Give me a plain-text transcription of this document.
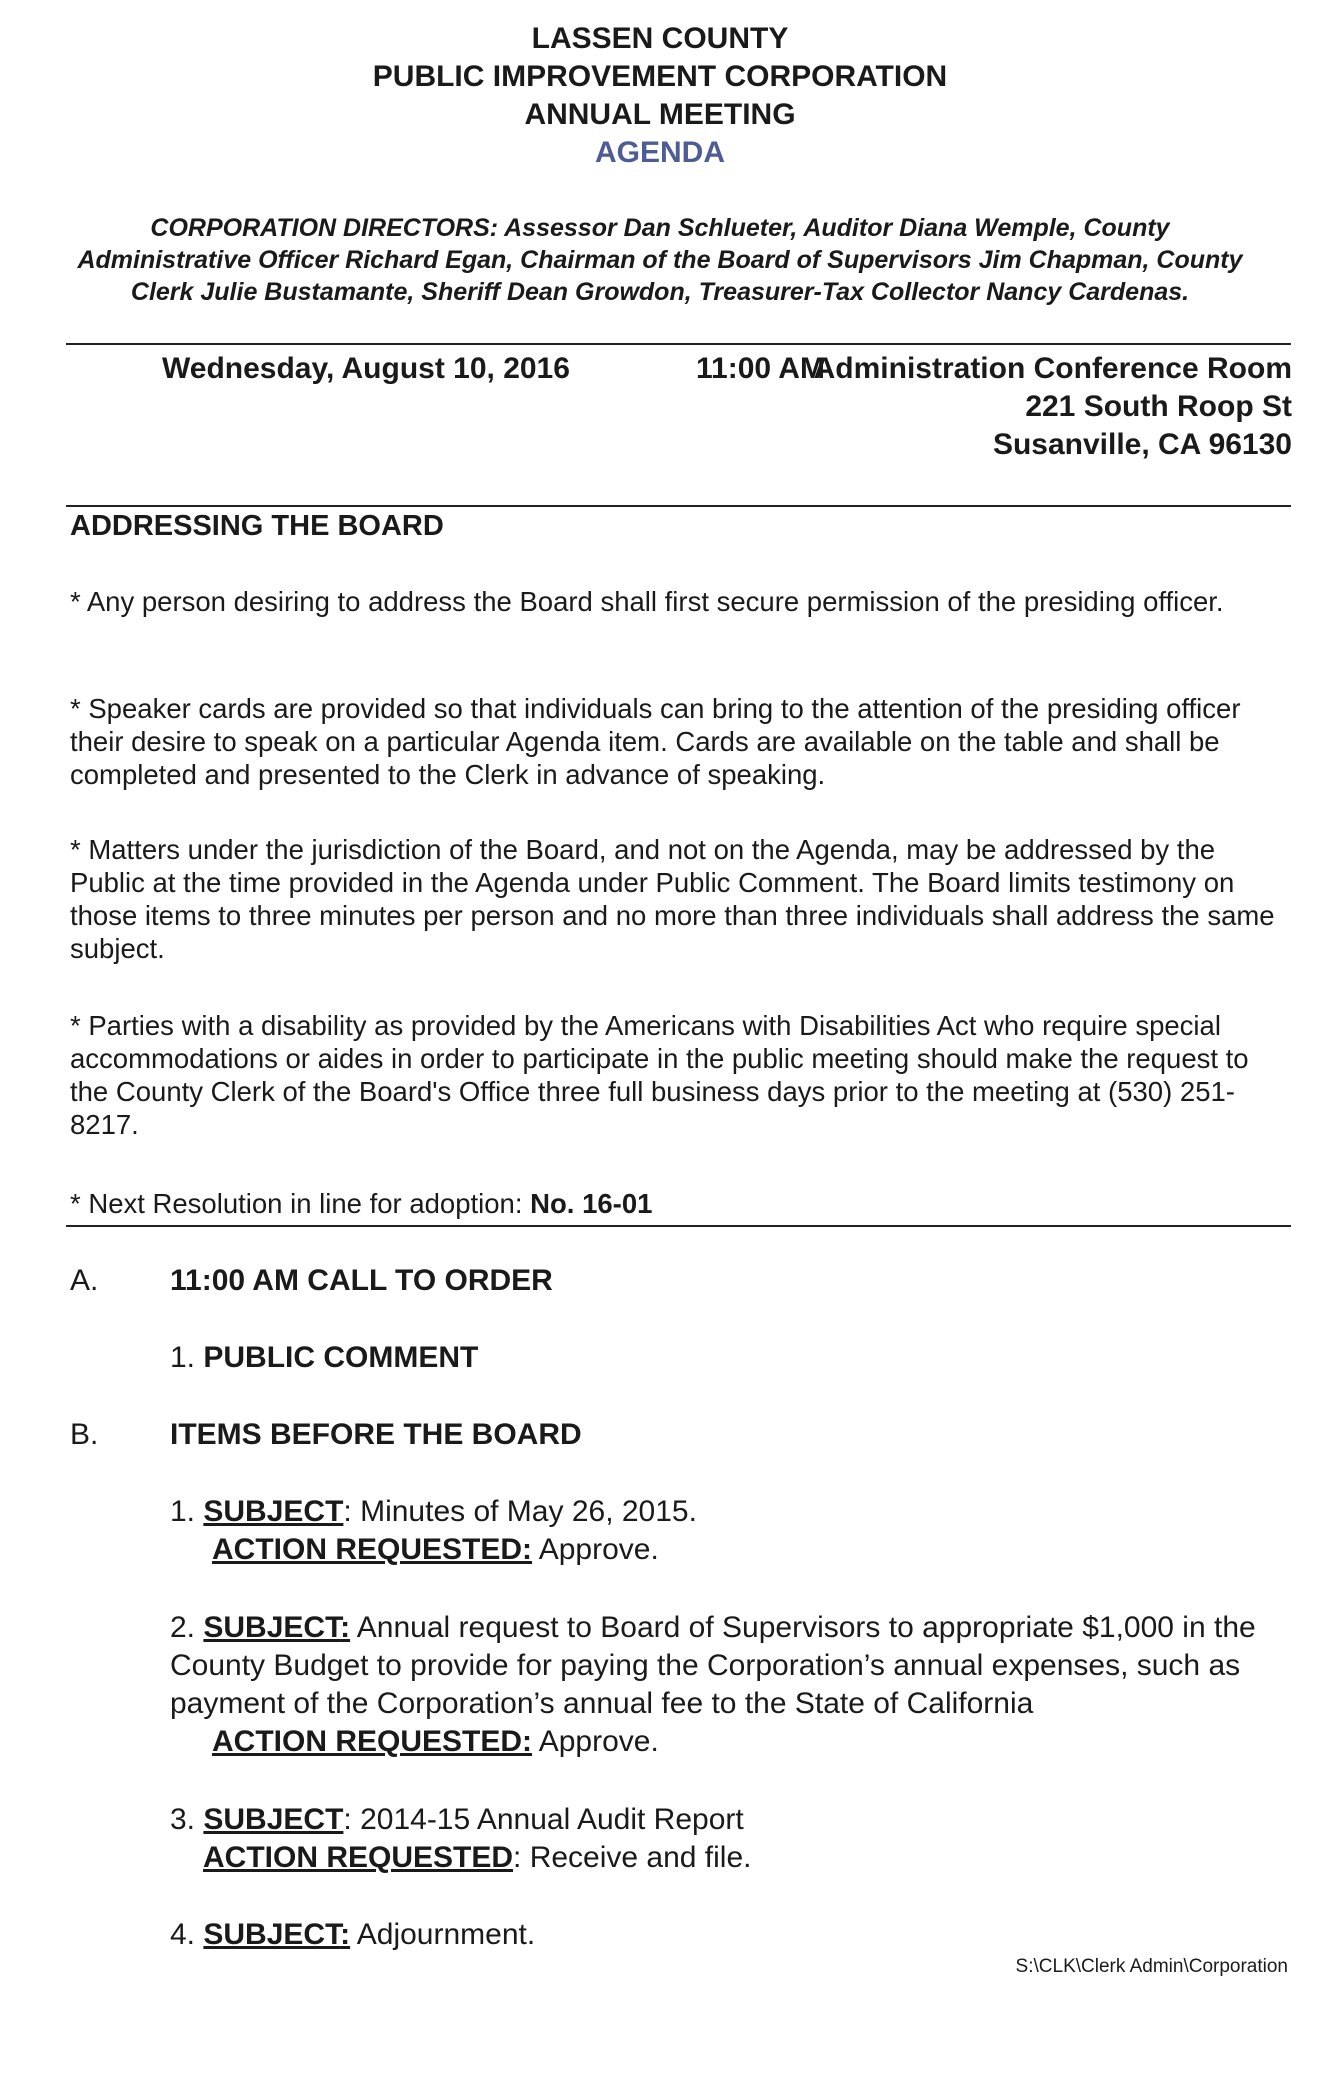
LASSEN COUNTY
PUBLIC IMPROVEMENT CORPORATION
ANNUAL MEETING
AGENDA
CORPORATION DIRECTORS: Assessor Dan Schlueter, Auditor Diana Wemple, County Administrative Officer Richard Egan, Chairman of the Board of Supervisors Jim Chapman, County Clerk Julie Bustamante, Sheriff Dean Growdon, Treasurer-Tax Collector Nancy Cardenas.
Wednesday, August 10, 2016	11:00 AM
Administration Conference Room
221 South Roop St
Susanville, CA 96130
ADDRESSING THE BOARD
* Any person desiring to address the Board shall first secure permission of the presiding officer.
* Speaker cards are provided so that individuals can bring to the attention of the presiding officer their desire to speak on a particular Agenda item. Cards are available on the table and shall be completed and presented to the Clerk in advance of speaking.
* Matters under the jurisdiction of the Board, and not on the Agenda, may be addressed by the Public at the time provided in the Agenda under Public Comment. The Board limits testimony on those items to three minutes per person and no more than three individuals shall address the same subject.
* Parties with a disability as provided by the Americans with Disabilities Act who require special accommodations or aides in order to participate in the public meeting should make the request to the County Clerk of the Board's Office three full business days prior to the meeting at (530) 251-8217.
* Next Resolution in line for adoption: No. 16-01
A. 11:00 AM CALL TO ORDER
1. PUBLIC COMMENT
B. ITEMS BEFORE THE BOARD
1. SUBJECT: Minutes of May 26, 2015.
ACTION REQUESTED: Approve.
2. SUBJECT: Annual request to Board of Supervisors to appropriate $1,000 in the County Budget to provide for paying the Corporation’s annual expenses, such as payment of the Corporation’s annual fee to the State of California
ACTION REQUESTED: Approve.
3. SUBJECT: 2014-15 Annual Audit Report
ACTION REQUESTED: Receive and file.
4. SUBJECT: Adjournment.
S:\CLK\Clerk Admin\Corporation
